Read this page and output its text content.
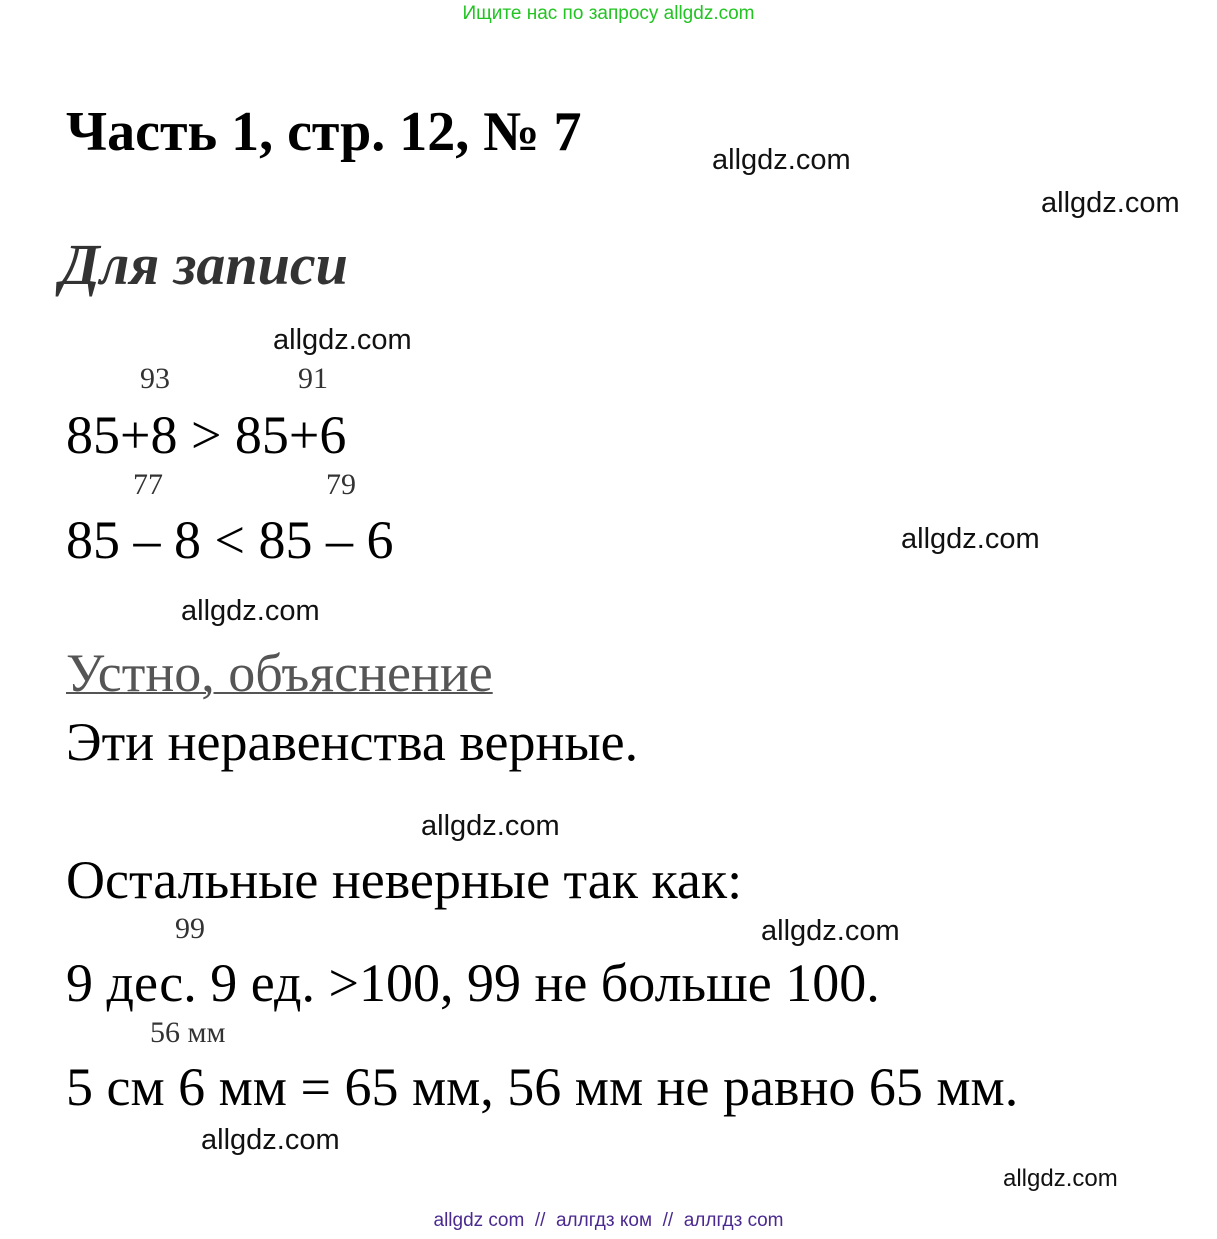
Ищите нас по запросу allgdz.com
Часть 1, стр. 12, № 7
Для записи
93	91
85+8 > 85+6
77	79
85 – 8 < 85 – 6
Устно, объяснение
Эти неравенства верные.
Остальные неверные так как:
99
9 дес. 9 ед. >100, 99 не больше 100.
56 мм
5 см 6 мм = 65 мм, 56 мм не равно 65 мм.
allgdz.com
allgdz.com
allgdz.com
allgdz.com
allgdz.com
allgdz.com
allgdz.com
allgdz.com
allgdz.com
allgdz com  //  аллгдз ком  //  аллгдз com
